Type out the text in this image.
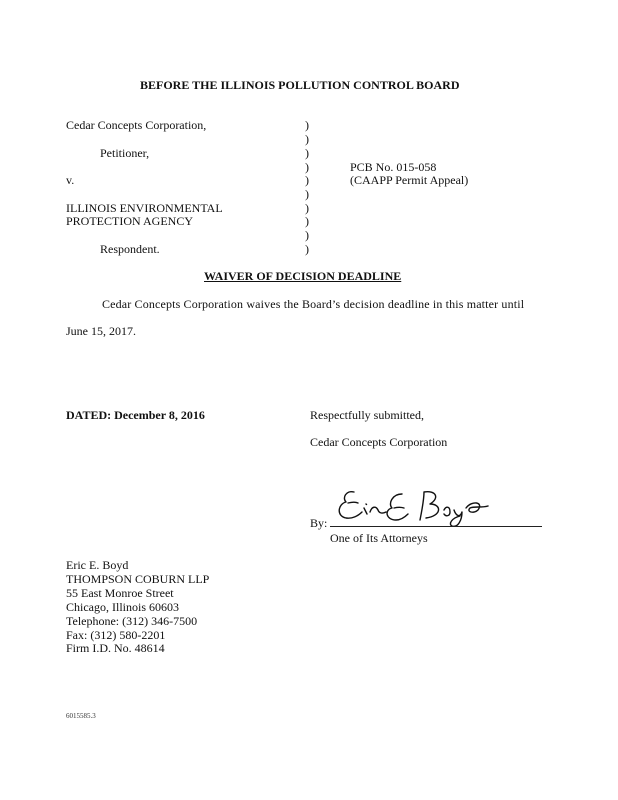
BEFORE THE ILLINOIS POLLUTION CONTROL BOARD
Cedar Concepts Corporation,
Petitioner,
v.
ILLINOIS ENVIRONMENTAL
PROTECTION AGENCY
Respondent.
)
)
)
)
)
)
)
)
)
)
PCB No. 015-058
(CAAPP Permit Appeal)
WAIVER OF DECISION DEADLINE
Cedar Concepts Corporation waives the Board’s decision deadline in this matter until
June 15, 2017.
DATED: December 8, 2016	Respectfully submitted,
Cedar Concepts Corporation
By:
One of Its Attorneys
Eric E. Boyd
THOMPSON COBURN LLP
55 East Monroe Street
Chicago, Illinois 60603
Telephone: (312) 346-7500
Fax: (312) 580-2201
Firm I.D. No. 48614
6015585.3
